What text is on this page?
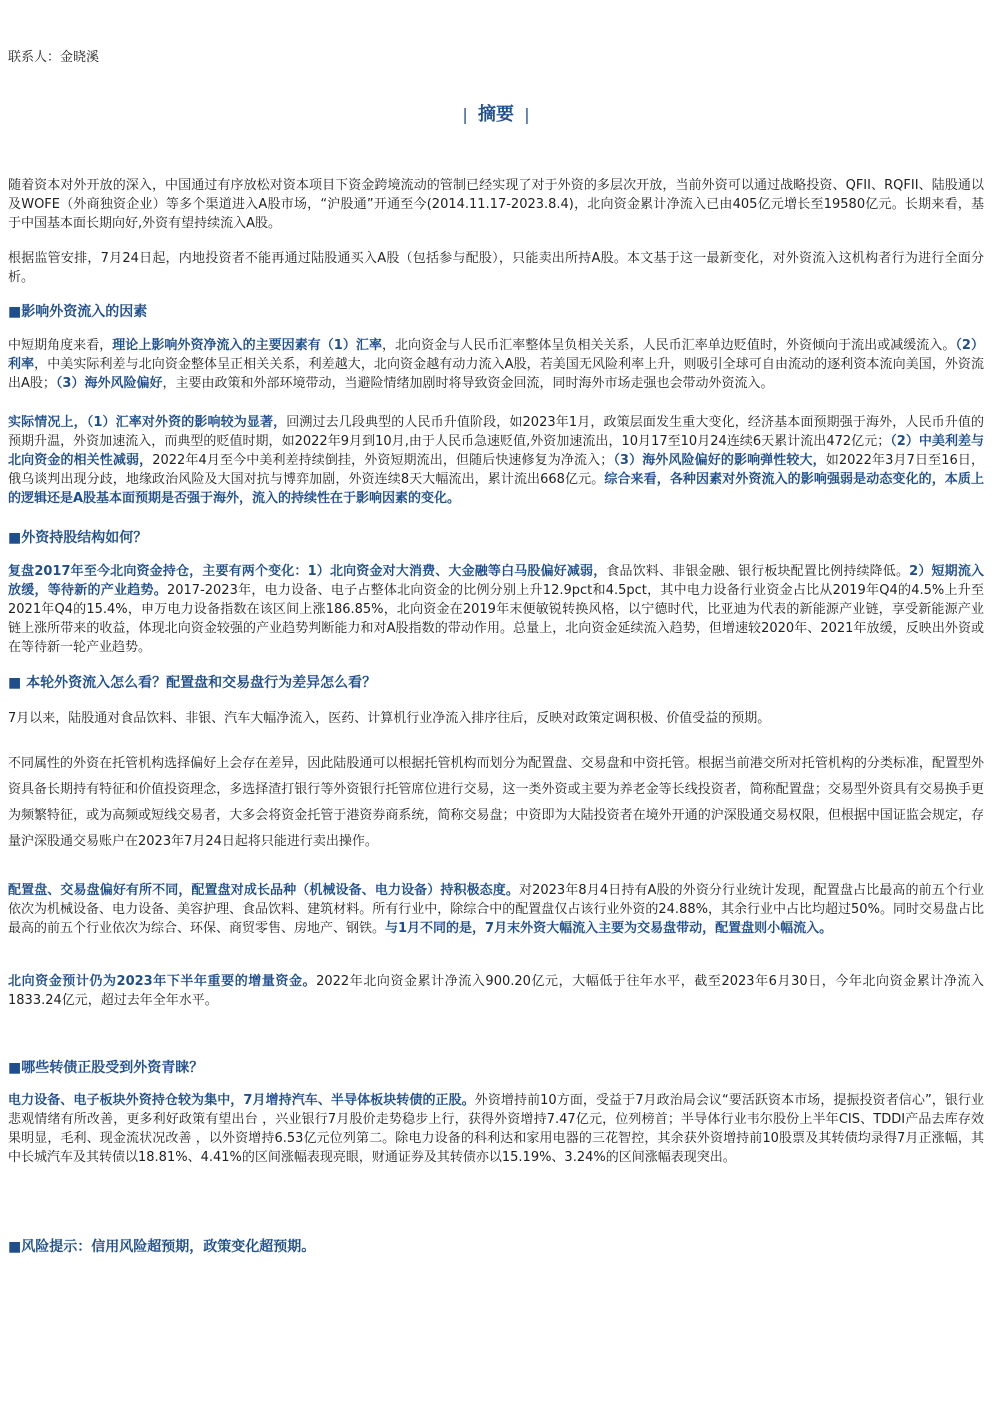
联系人：金晓溪
| 摘要 |

随着资本对外开放的深入，中国通过有序放松对资本项目下资金跨境流动的管制已经实现了对于外资的多层次开放，当前外资可以通过战略投资、QFII、RQFII、陆股通以及WOFE（外商独资企业）等多个渠道进入A股市场，“沪股通”开通至今(2014.11.17-2023.8.4)，北向资金累计净流入已由405亿元增长至19580亿元。长期来看，基于中国基本面长期向好,外资有望持续流入A股。

根据监管安排，7月24日起，内地投资者不能再通过陆股通买入A股（包括参与配股），只能卖出所持A股。本文基于这一最新变化，对外资流入这机构者行为进行全面分析。

■影响外资流入的因素

中短期角度来看，理论上影响外资净流入的主要因素有（1）汇率，北向资金与人民币汇率整体呈负相关关系，人民币汇率单边贬值时，外资倾向于流出或减缓流入。（2）利率，中美实际利差与北向资金整体呈正相关关系，利差越大，北向资金越有动力流入A股，若美国无风险利率上升，则吸引全球可自由流动的逐利资本流向美国，外资流出A股；（3）海外风险偏好，主要由政策和外部环境带动，当避险情绪加剧时将导致资金回流，同时海外市场走强也会带动外资流入。

实际情况上，（1）汇率对外资的影响较为显著，回溯过去几段典型的人民币升值阶段，如2023年1月，政策层面发生重大变化，经济基本面预期强于海外，人民币升值的预期升温，外资加速流入，而典型的贬值时期，如2022年9月到10月,由于人民币急速贬值,外资加速流出，10月17至10月24连续6天累计流出472亿元；（2）中美利差与北向资金的相关性减弱，2022年4月至今中美利差持续倒挂，外资短期流出，但随后快速修复为净流入；（3）海外风险偏好的影响弹性较大，如2022年3月7日至16日，俄乌谈判出现分歧，地缘政治风险及大国对抗与博弈加剧，外资连续8天大幅流出，累计流出668亿元。综合来看，各种因素对外资流入的影响强弱是动态变化的，本质上的逻辑还是A股基本面预期是否强于海外，流入的持续性在于影响因素的变化。

■外资持股结构如何？

复盘2017年至今北向资金持仓，主要有两个变化：1）北向资金对大消费、大金融等白马股偏好减弱，食品饮料、非银金融、银行板块配置比例持续降低。2）短期流入放缓，等待新的产业趋势。2017-2023年，电力设备、电子占整体北向资金的比例分别上升12.9pct和4.5pct，其中电力设备行业资金占比从2019年Q4的4.5%上升至2021年Q4的15.4%，申万电力设备指数在该区间上涨186.85%，北向资金在2019年末便敏锐转换风格，以宁德时代，比亚迪为代表的新能源产业链，享受新能源产业链上涨所带来的收益，体现北向资金较强的产业趋势判断能力和对A股指数的带动作用。总量上，北向资金延续流入趋势，但增速较2020年、2021年放缓，反映出外资或在等待新一轮产业趋势。

■ 本轮外资流入怎么看？配置盘和交易盘行为差异怎么看？

7月以来，陆股通对食品饮料、非银、汽车大幅净流入，医药、计算机行业净流入排序往后，反映对政策定调积极、价值受益的预期。

不同属性的外资在托管机构选择偏好上会存在差异，因此陆股通可以根据托管机构而划分为配置盘、交易盘和中资托管。根据当前港交所对托管机构的分类标准，配置型外资具备长期持有特征和价值投资理念，多选择渣打银行等外资银行托管席位进行交易，这一类外资或主要为养老金等长线投资者，简称配置盘；交易型外资具有交易换手更为频繁特征，或为高频或短线交易者，大多会将资金托管于港资券商系统，简称交易盘；中资即为大陆投资者在境外开通的沪深股通交易权限，但根据中国证监会规定，存量沪深股通交易账户在2023年7月24日起将只能进行卖出操作。

配置盘、交易盘偏好有所不同，配置盘对成长品种（机械设备、电力设备）持积极态度。对2023年8月4日持有A股的外资分行业统计发现，配置盘占比最高的前五个行业依次为机械设备、电力设备、美容护理、食品饮料、建筑材料。所有行业中，除综合中的配置盘仅占该行业外资的24.88%，其余行业中占比均超过50%。同时交易盘占比最高的前五个行业依次为综合、环保、商贸零售、房地产、钢铁。与1月不同的是，7月末外资大幅流入主要为交易盘带动，配置盘则小幅流入。

北向资金预计仍为2023年下半年重要的增量资金。2022年北向资金累计净流入900.20亿元，大幅低于往年水平，截至2023年6月30日，今年北向资金累计净流入1833.24亿元，超过去年全年水平。

■哪些转债正股受到外资青睐？

电力设备、电子板块外资持仓较为集中，7月增持汽车、半导体板块转债的正股。外资增持前10方面，受益于7月政治局会议“要活跃资本市场，提振投资者信心”，银行业悲观情绪有所改善，更多利好政策有望出台 ，兴业银行7月股价走势稳步上行，获得外资增持7.47亿元，位列榜首；半导体行业韦尔股份上半年CIS、TDDI产品去库存效果明显，毛利、现金流状况改善 ，以外资增持6.53亿元位列第二。除电力设备的科利达和家用电器的三花智控，其余获外资增持前10股票及其转债均录得7月正涨幅，其中长城汽车及其转债以18.81%、4.41%的区间涨幅表现亮眼，财通证券及其转债亦以15.19%、3.24%的区间涨幅表现突出。

■风险提示：信用风险超预期，政策变化超预期。
